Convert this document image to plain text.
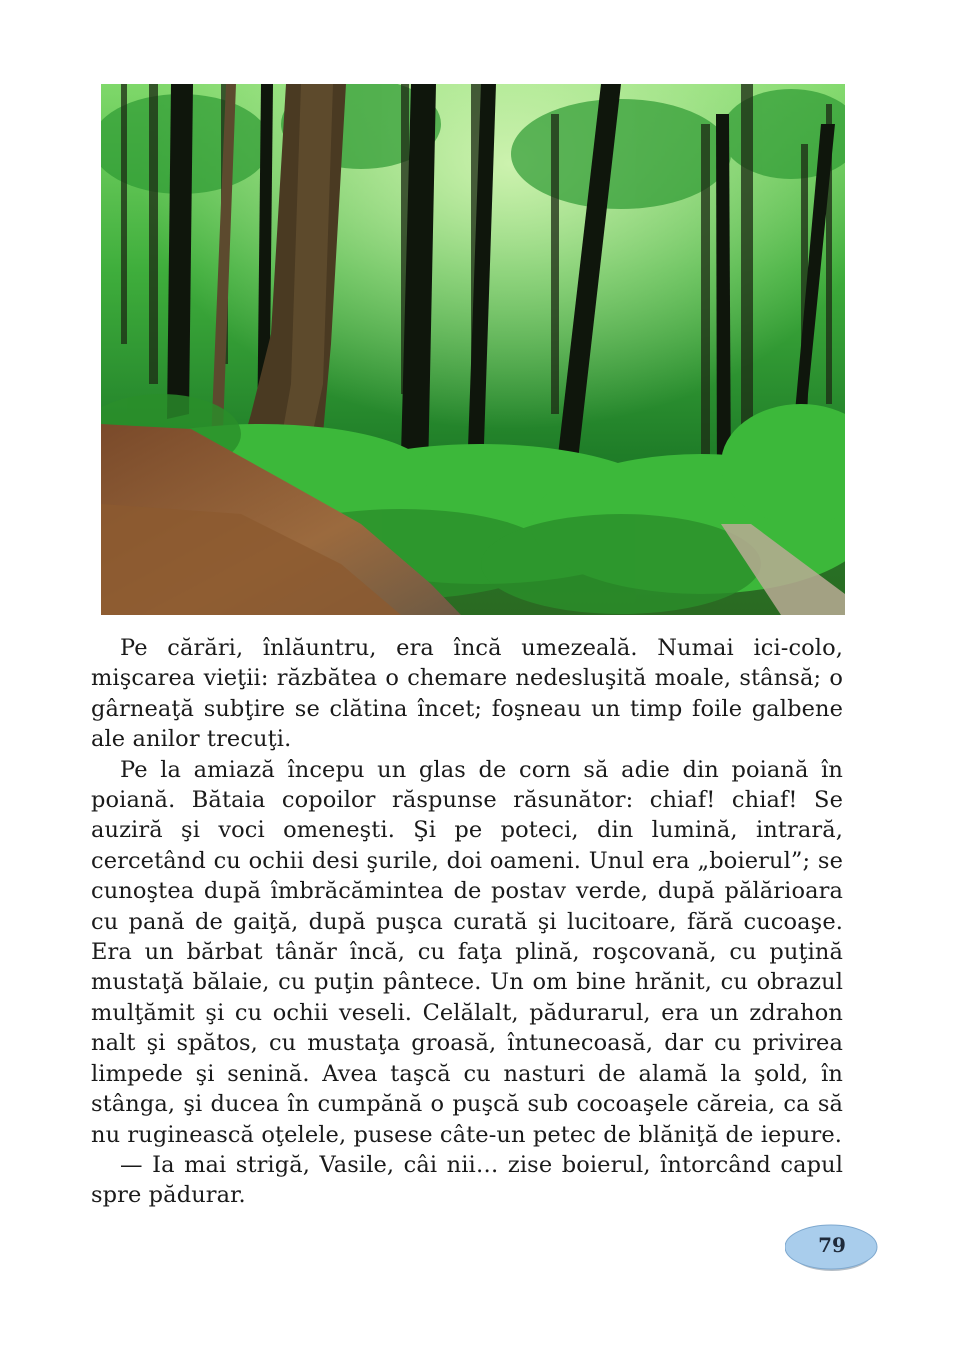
Pe cărări, înlăuntru, era încă umezeală. Numai ici-colo, mişcarea vieţii: răzbătea o chemare nedesluşită moale, stânsă; o gârneaţă subţire se clătina încet; foşneau un timp foile galbene ale anilor trecuţi.

Pe la amiază începu un glas de corn să adie din poiană în poiană. Bătaia copoilor răspunse răsunător: chiaf! chiaf! Se auziră şi voci omeneşti. Şi pe poteci, din lumină, intrară, cercetând cu ochii desi şurile, doi oameni. Unul era „boierul”; se cunoştea după îmbrăcămintea de postav verde, după pălărioara cu pană de gaiţă, după puşca curată şi lucitoare, fără cucoaşe. Era un bărbat tânăr încă, cu faţa plină, roşcovană, cu puţină mustaţă bălaie, cu puţin pântece. Un om bine hrănit, cu obrazul mulţămit şi cu ochii veseli. Celălalt, pădurarul, era un zdrahon nalt şi spătos, cu mustaţa groasă, întunecoasă, dar cu privirea limpede şi senină. Avea taşcă cu nasturi de alamă la şold, în stânga, şi ducea în cumpănă o puşcă sub cocoaşele căreia, ca să nu ruginească oţelele, pusese câte-un petec de blăniţă de iepure.

— Ia mai strigă, Vasile, câi nii… zise boierul, întorcând capul spre pădurar.

79
